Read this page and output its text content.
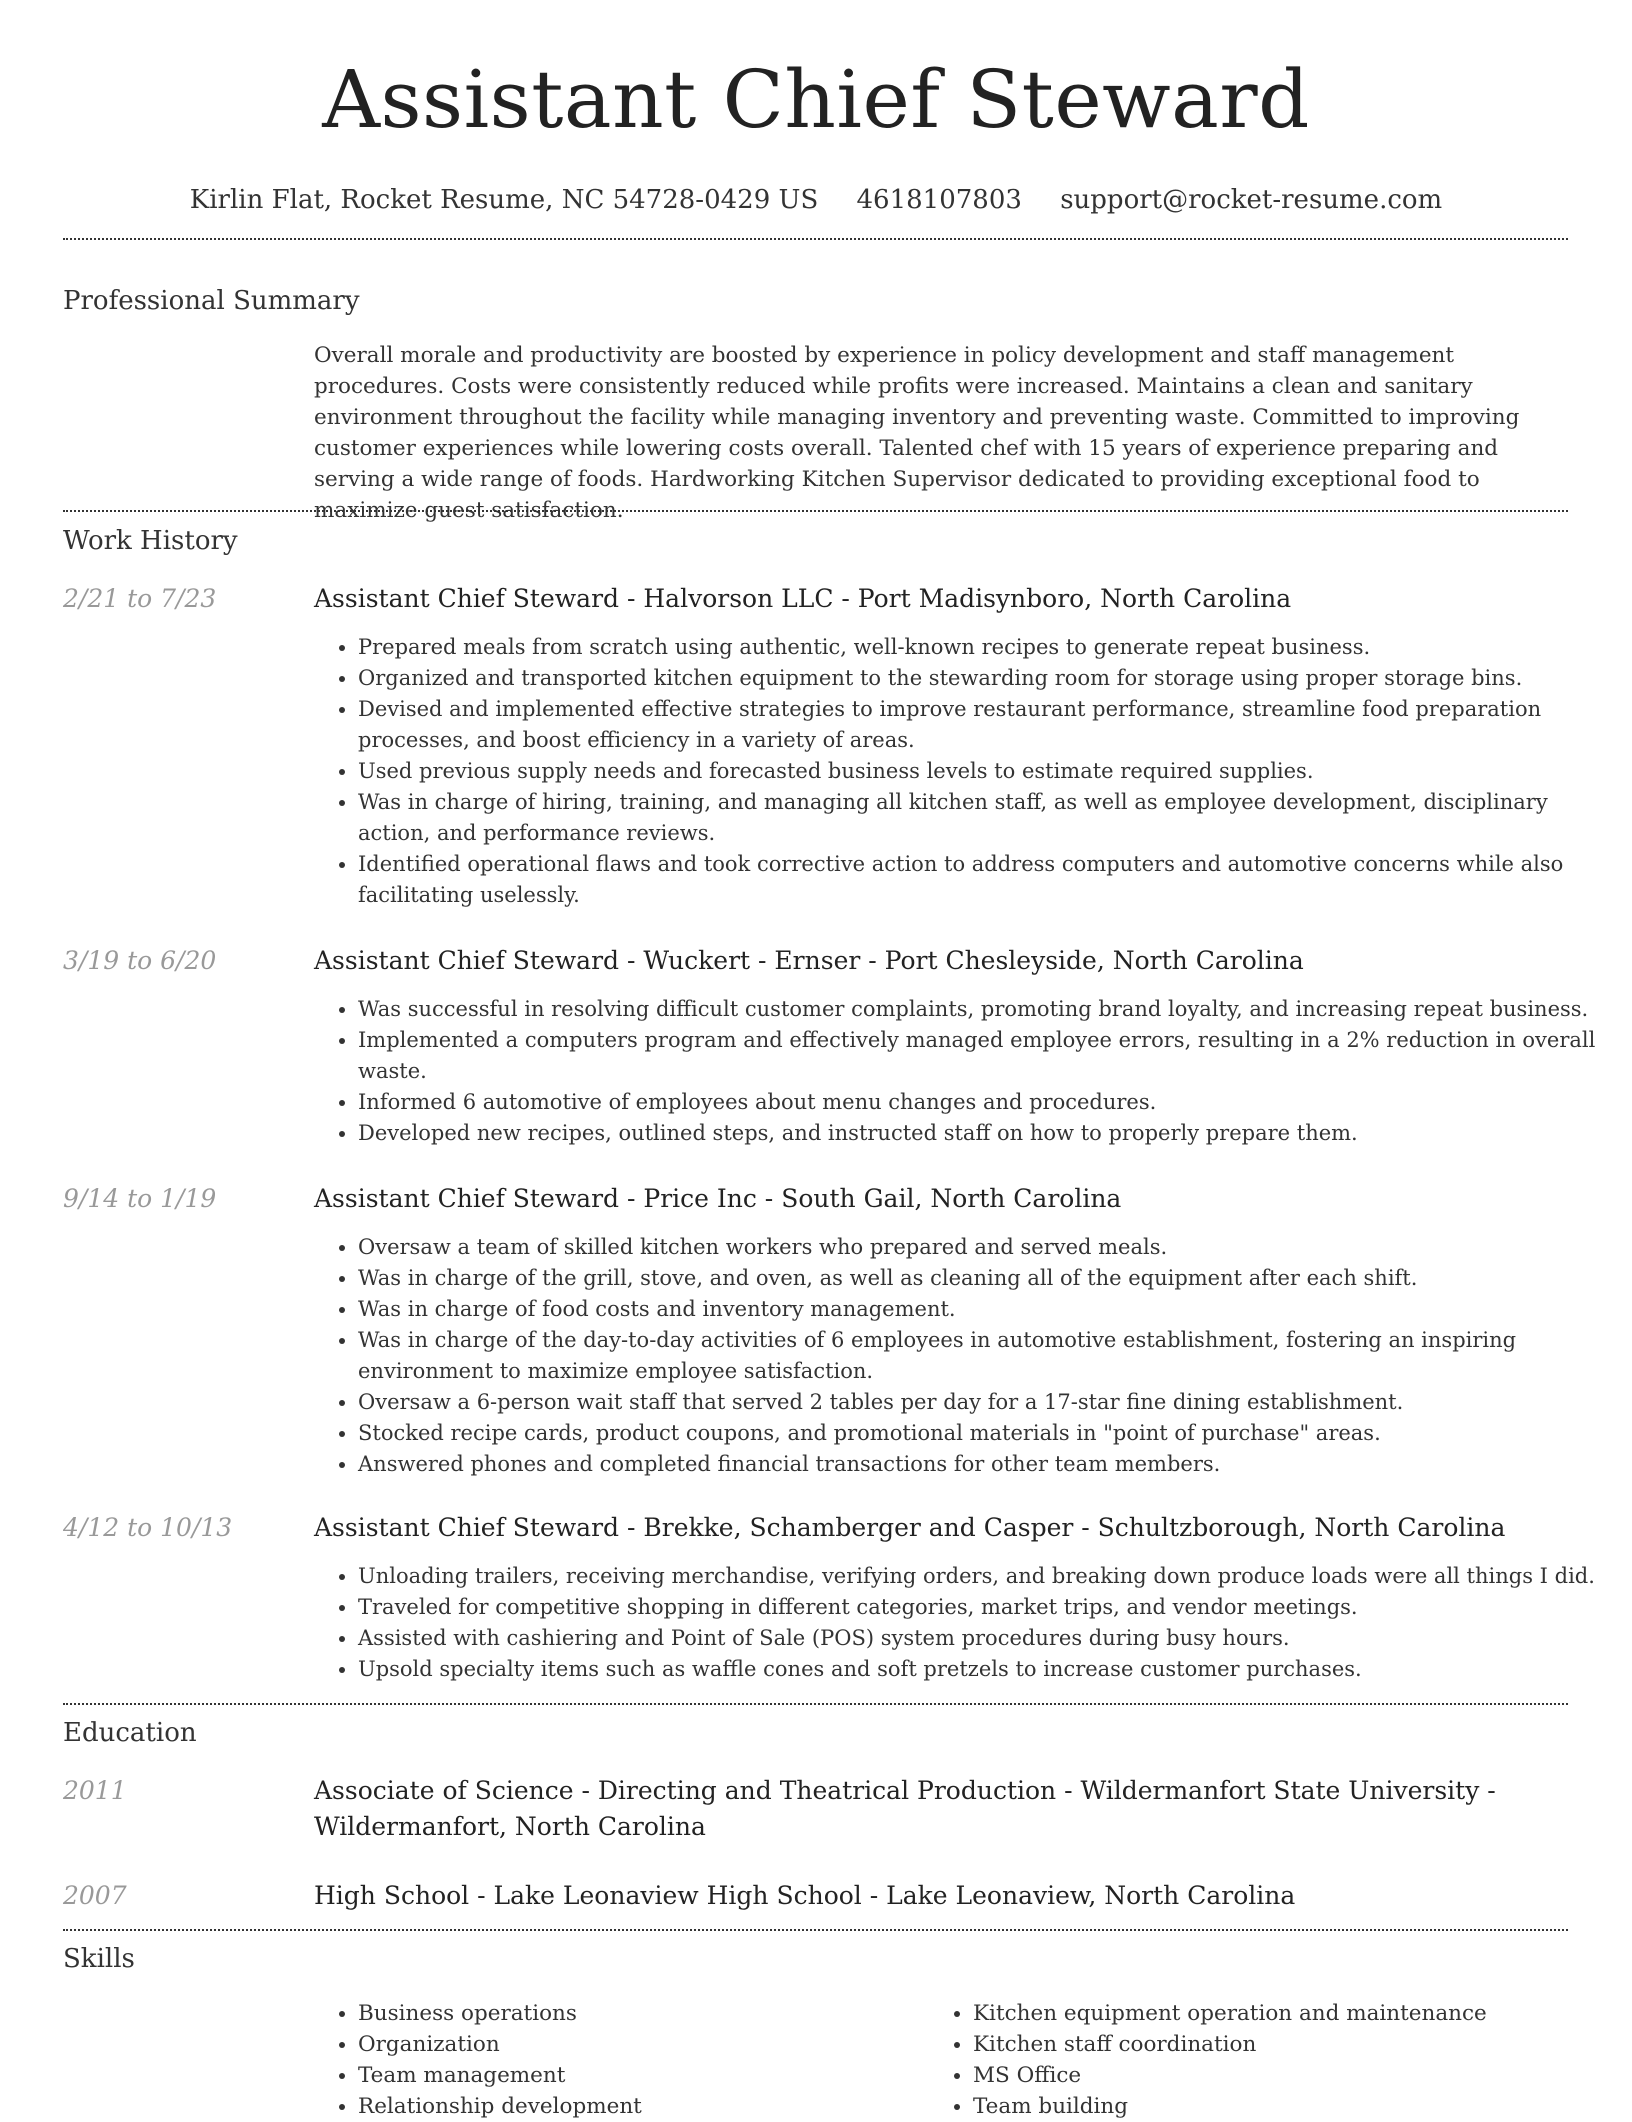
Assistant Chief Steward
Kirlin Flat, Rocket Resume, NC 54728-0429 US 4618107803 support@rocket-resume.com
Professional Summary

Overall morale and productivity are boosted by experience in policy development and staff management procedures. Costs were consistently reduced while profits were increased. Maintains a clean and sanitary environment throughout the facility while managing inventory and preventing waste. Committed to improving customer experiences while lowering costs overall. Talented chef with 15 years of experience preparing and serving a wide range of foods. Hardworking Kitchen Supervisor dedicated to providing exceptional food to maximize guest satisfaction.

Work History
2/21 to 7/23	Assistant Chief Steward - Halvorson LLC - Port Madisynboro, North Carolina
• Prepared meals from scratch using authentic, well-known recipes to generate repeat business.
• Organized and transported kitchen equipment to the stewarding room for storage using proper storage bins.
• Devised and implemented effective strategies to improve restaurant performance, streamline food preparation processes, and boost efficiency in a variety of areas.
• Used previous supply needs and forecasted business levels to estimate required supplies.
• Was in charge of hiring, training, and managing all kitchen staff, as well as employee development, disciplinary action, and performance reviews.
• Identified operational flaws and took corrective action to address computers and automotive concerns while also facilitating uselessly.
3/19 to 6/20	Assistant Chief Steward - Wuckert - Ernser - Port Chesleyside, North Carolina
• Was successful in resolving difficult customer complaints, promoting brand loyalty, and increasing repeat business.
• Implemented a computers program and effectively managed employee errors, resulting in a 2% reduction in overall waste.
• Informed 6 automotive of employees about menu changes and procedures.
• Developed new recipes, outlined steps, and instructed staff on how to properly prepare them.
9/14 to 1/19	Assistant Chief Steward - Price Inc - South Gail, North Carolina
• Oversaw a team of skilled kitchen workers who prepared and served meals.
• Was in charge of the grill, stove, and oven, as well as cleaning all of the equipment after each shift.
• Was in charge of food costs and inventory management.
• Was in charge of the day-to-day activities of 6 employees in automotive establishment, fostering an inspiring environment to maximize employee satisfaction.
• Oversaw a 6-person wait staff that served 2 tables per day for a 17-star fine dining establishment.
• Stocked recipe cards, product coupons, and promotional materials in "point of purchase" areas.
• Answered phones and completed financial transactions for other team members.
4/12 to 10/13	Assistant Chief Steward - Brekke, Schamberger and Casper - Schultzborough, North Carolina
• Unloading trailers, receiving merchandise, verifying orders, and breaking down produce loads were all things I did.
• Traveled for competitive shopping in different categories, market trips, and vendor meetings.
• Assisted with cashiering and Point of Sale (POS) system procedures during busy hours.
• Upsold specialty items such as waffle cones and soft pretzels to increase customer purchases.
Education
2011	Associate of Science - Directing and Theatrical Production - Wildermanfort State University - Wildermanfort, North Carolina
2007	High School - Lake Leonaview High School - Lake Leonaview, North Carolina
Skills
• Business operations
• Organization
• Team management
• Relationship development
• Kitchen equipment operation and maintenance
• Kitchen staff coordination
• MS Office
• Team building
